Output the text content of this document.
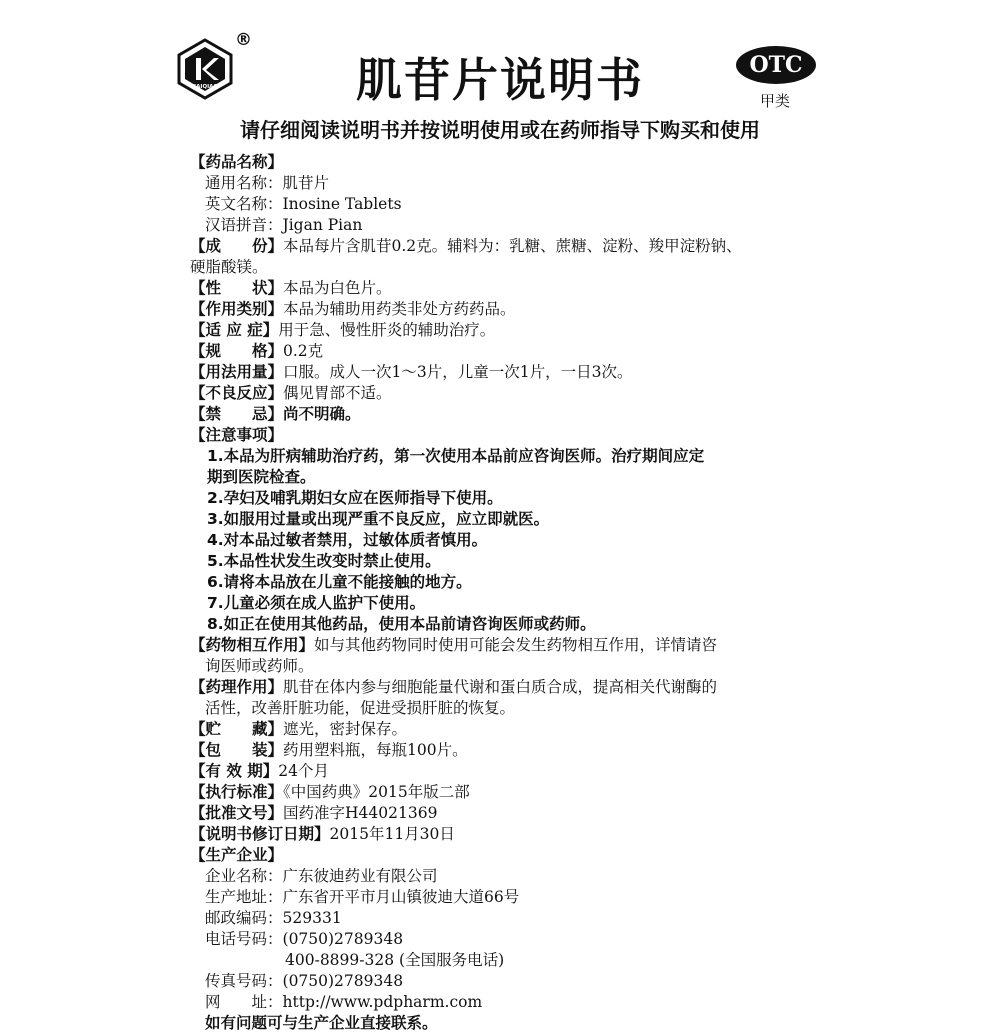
KAIQIAO
®
肌苷片说明书	OTC
甲类
请仔细阅读说明书并按说明使用或在药师指导下购买和使用
【药品名称】
通用名称：肌苷片
英文名称：Inosine Tablets
汉语拼音：Jigan Pian
【成　　份】本品每片含肌苷0.2克。辅料为：乳糖、蔗糖、淀粉、羧甲淀粉钠、
硬脂酸镁。
【性　　状】本品为白色片。
【作用类别】本品为辅助用药类非处方药药品。
【适 应 症】用于急、慢性肝炎的辅助治疗。
【规　　格】0.2克
【用法用量】口服。成人一次1～3片，儿童一次1片，一日3次。
【不良反应】偶见胃部不适。
【禁　　忌】尚不明确。
【注意事项】
1.本品为肝病辅助治疗药，第一次使用本品前应咨询医师。治疗期间应定
期到医院检查。
2.孕妇及哺乳期妇女应在医师指导下使用。
3.如服用过量或出现严重不良反应，应立即就医。
4.对本品过敏者禁用，过敏体质者慎用。
5.本品性状发生改变时禁止使用。
6.请将本品放在儿童不能接触的地方。
7.儿童必须在成人监护下使用。
8.如正在使用其他药品，使用本品前请咨询医师或药师。
【药物相互作用】如与其他药物同时使用可能会发生药物相互作用，详情请咨
询医师或药师。
【药理作用】肌苷在体内参与细胞能量代谢和蛋白质合成，提高相关代谢酶的
活性，改善肝脏功能，促进受损肝脏的恢复。
【贮　　藏】遮光，密封保存。
【包　　装】药用塑料瓶，每瓶100片。
【有 效 期】24个月
【执行标准】《中国药典》2015年版二部
【批准文号】国药准字H44021369
【说明书修订日期】2015年11月30日
【生产企业】
企业名称：广东彼迪药业有限公司
生产地址：广东省开平市月山镇彼迪大道66号
邮政编码：529331
电话号码：(0750)2789348
400-8899-328 (全国服务电话)
传真号码：(0750)2789348
网　　址：http://www.pdpharm.com
如有问题可与生产企业直接联系。
